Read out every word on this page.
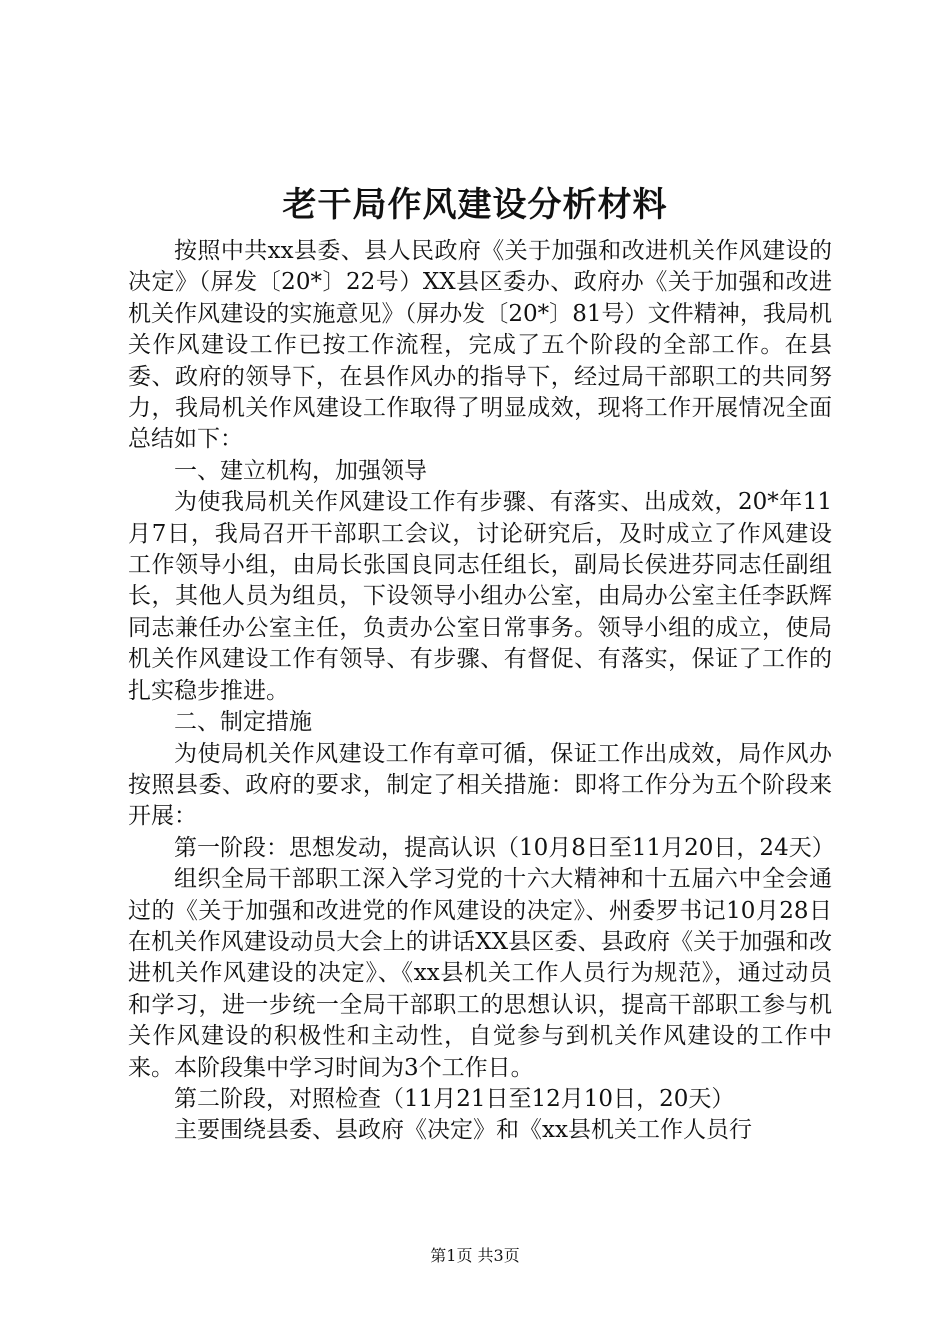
老干局作风建设分析材料

按照中共xx县委、县人民政府《关于加强和改进机关作风建设的决定》（屏发〔20*〕22号）XX县区委办、政府办《关于加强和改进机关作风建设的实施意见》（屏办发〔20*〕81号）文件精神，我局机关作风建设工作已按工作流程，完成了五个阶段的全部工作。在县委、政府的领导下，在县作风办的指导下，经过局干部职工的共同努力，我局机关作风建设工作取得了明显成效，现将工作开展情况全面总结如下：

一、建立机构，加强领导

为使我局机关作风建设工作有步骤、有落实、出成效，20*年11月7日，我局召开干部职工会议，讨论研究后，及时成立了作风建设工作领导小组，由局长张国良同志任组长，副局长侯进芬同志任副组长，其他人员为组员，下设领导小组办公室，由局办公室主任李跃辉同志兼任办公室主任，负责办公室日常事务。领导小组的成立，使局机关作风建设工作有领导、有步骤、有督促、有落实，保证了工作的扎实稳步推进。

二、制定措施

为使局机关作风建设工作有章可循，保证工作出成效，局作风办按照县委、政府的要求，制定了相关措施：即将工作分为五个阶段来开展：

第一阶段：思想发动，提高认识（10月8日至11月20日，24天）

组织全局干部职工深入学习党的十六大精神和十五届六中全会通过的《关于加强和改进党的作风建设的决定》、州委罗书记10月28日在机关作风建设动员大会上的讲话XX县区委、县政府《关于加强和改进机关作风建设的决定》、《xx县机关工作人员行为规范》，通过动员和学习，进一步统一全局干部职工的思想认识，提高干部职工参与机关作风建设的积极性和主动性，自觉参与到机关作风建设的工作中来。本阶段集中学习时间为3个工作日。

第二阶段，对照检查（11月21日至12月10日，20天）

主要围绕县委、县政府《决定》和《xx县机关工作人员行

第1页 共3页
